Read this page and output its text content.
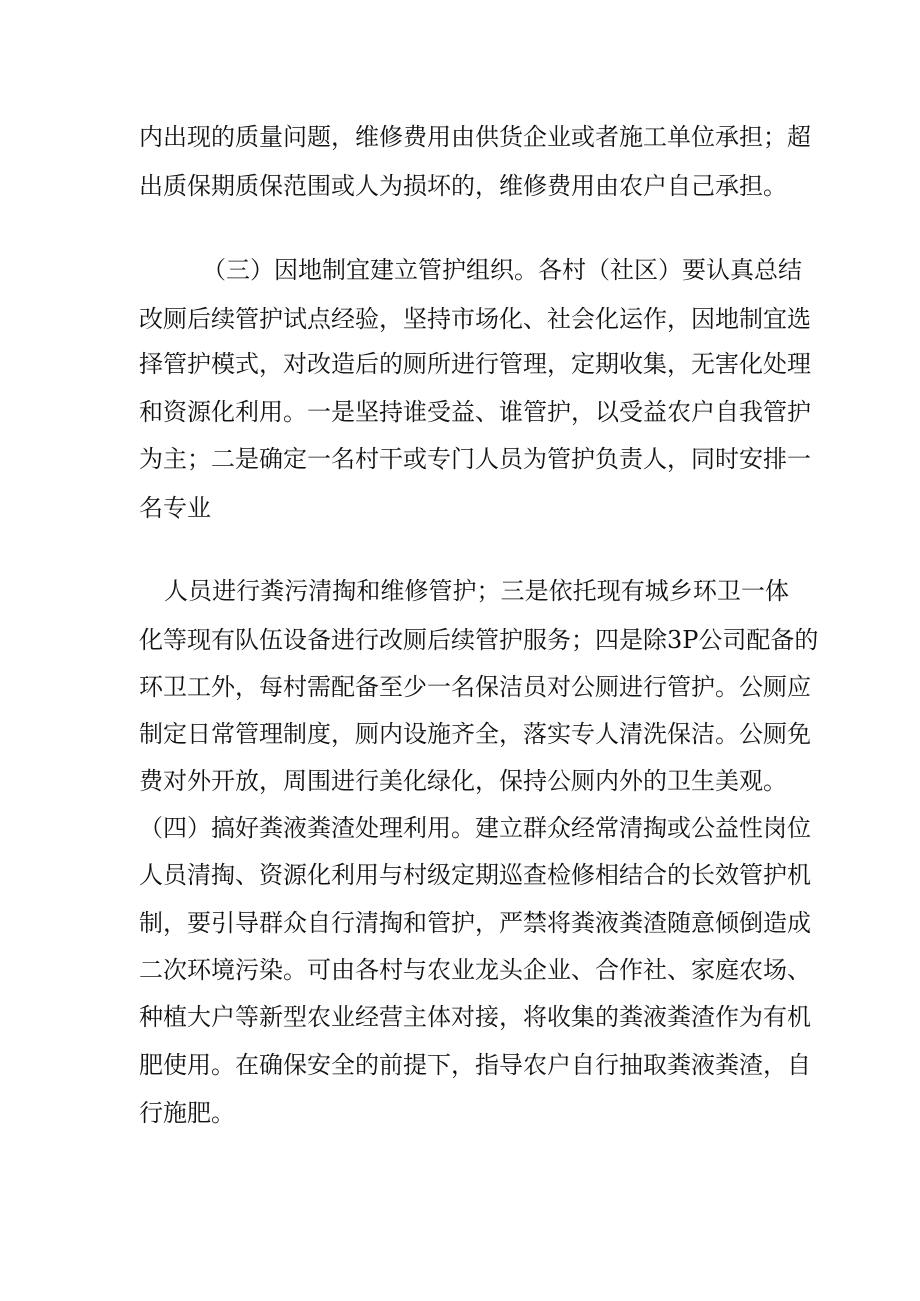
内出现的质量问题，维修费用由供货企业或者施工单位承担；超
出质保期质保范围或人为损坏的，维修费用由农户自己承担。
（三）因地制宜建立管护组织。各村（社区）要认真总结
改厕后续管护试点经验，坚持市场化、社会化运作，因地制宜选
择管护模式，对改造后的厕所进行管理，定期收集，无害化处理
和资源化利用。一是坚持谁受益、谁管护，以受益农户自我管护
为主；二是确定一名村干或专门人员为管护负责人，同时安排一
名专业
人员进行粪污清掏和维修管护；三是依托现有城乡环卫一体
化等现有队伍设备进行改厕后续管护服务；四是除3P公司配备的
环卫工外，每村需配备至少一名保洁员对公厕进行管护。公厕应
制定日常管理制度，厕内设施齐全，落实专人清洗保洁。公厕免
费对外开放，周围进行美化绿化，保持公厕内外的卫生美观。
（四）搞好粪液粪渣处理利用。建立群众经常清掏或公益性岗位
人员清掏、资源化利用与村级定期巡查检修相结合的长效管护机
制，要引导群众自行清掏和管护，严禁将粪液粪渣随意倾倒造成
二次环境污染。可由各村与农业龙头企业、合作社、家庭农场、
种植大户等新型农业经营主体对接，将收集的粪液粪渣作为有机
肥使用。在确保安全的前提下，指导农户自行抽取粪液粪渣，自
行施肥。
